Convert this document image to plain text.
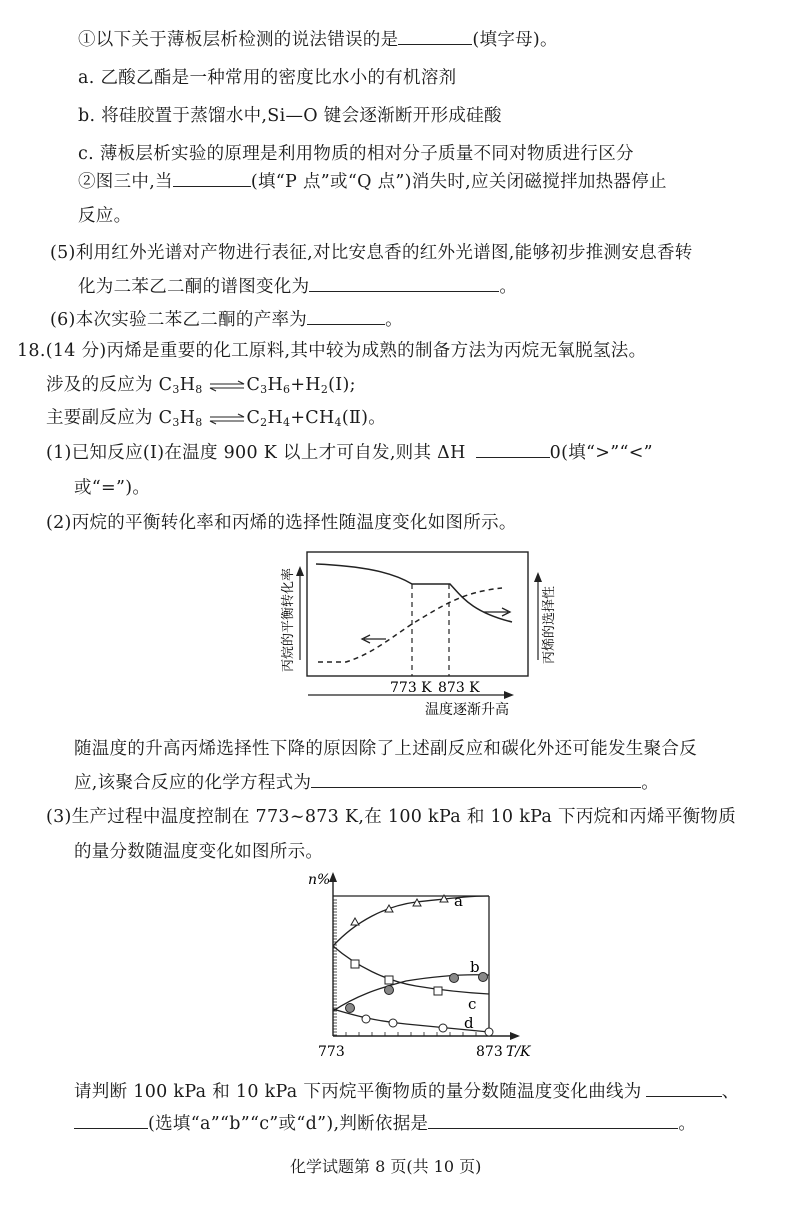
①以下关于薄板层析检测的说法错误的是	(填字母)。
a. 乙酸乙酯是一种常用的密度比水小的有机溶剂
b. 将硅胶置于蒸馏水中,Si—O 键会逐渐断开形成硅酸
c. 薄板层析实验的原理是利用物质的相对分子质量不同对物质进行区分
②图三中,当	(填“P 点”或“Q 点”)消失时,应关闭磁搅拌加热器停止
反应。
(5)利用红外光谱对产物进行表征,对比安息香的红外光谱图,能够初步推测安息香转
化为二苯乙二酮的谱图变化为	。
(6)本次实验二苯乙二酮的产率为	。
18.(14 分)丙烯是重要的化工原料,其中较为成熟的制备方法为丙烷无氧脱氢法。
涉及的反应为 $C_3H_8$ $\rightleftharpoons C_3H_6+H_2(Ⅰ)$;
主要副反应为 $C_3H_8$ $\rightleftharpoons C_2H_4+CH_4(Ⅱ)$。
(1)已知反应(Ⅰ)在温度 900 K 以上才可自发,则其 ΔH	0(填“>”“<”
或“=”)。
(2)丙烷的平衡转化率和丙烯的选择性随温度变化如图所示。
丙烷的平衡转化率	丙烯的选择性
773 K 873 K
温度逐渐升高
随温度的升高丙烯选择性下降的原因除了上述副反应和碳化外还可能发生聚合反
应,该聚合反应的化学方程式为	。
(3)生产过程中温度控制在 773~873 K,在 100 kPa 和 10 kPa 下丙烷和丙烯平衡物质
的量分数随温度变化如图所示。
n%
773	873 T/K
a
b
c
d
请判断 100 kPa 和 10 kPa 下丙烷平衡物质的量分数随温度变化曲线为	、
(选填“a”“b”“c”或“d”),判断依据是	。
化学试题第 8 页(共 10 页)
